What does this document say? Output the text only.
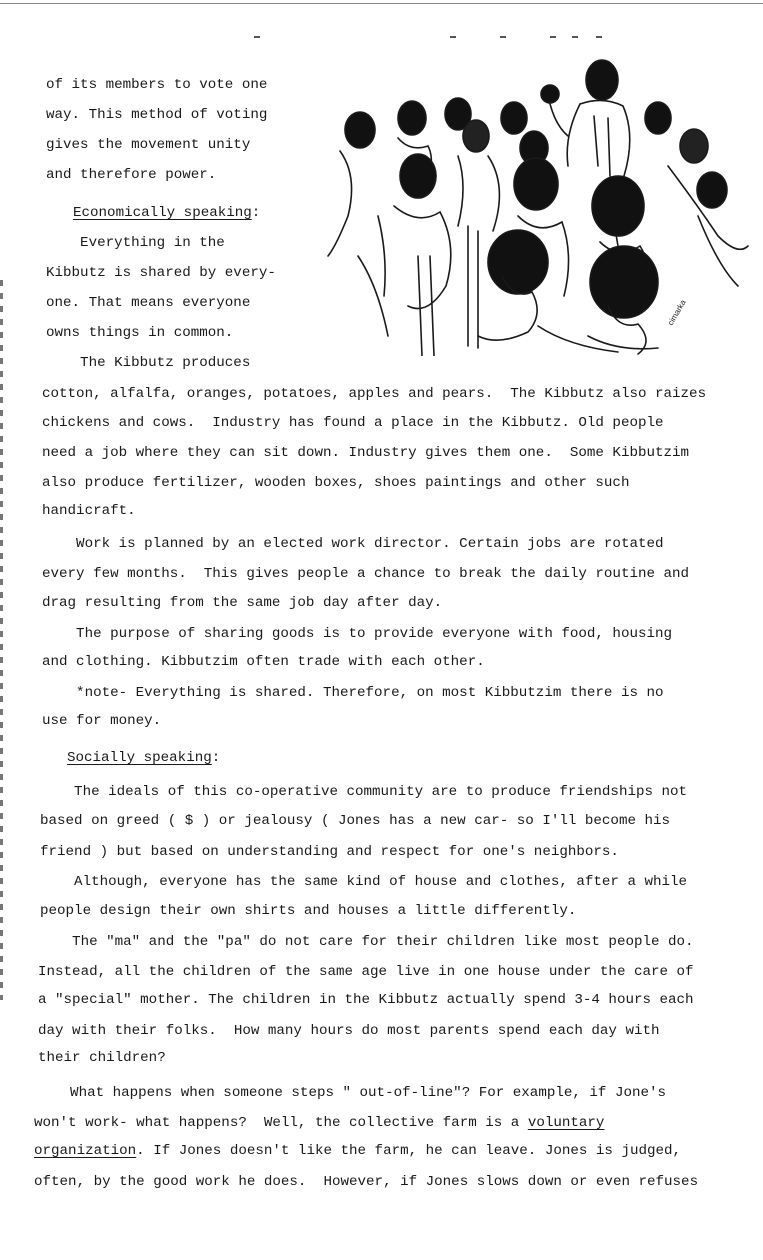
of its members to vote one
way. This method of voting
gives the movement unity
and therefore power.
Economically speaking:
Everything in the
Kibbutz is shared by every-
one. That means everyone
owns things in common.
The Kibbutz produces
cimarka
cotton, alfalfa, oranges, potatoes, apples and pears.  The Kibbutz also raizes
chickens and cows.  Industry has found a place in the Kibbutz. Old people
need a job where they can sit down. Industry gives them one.  Some Kibbutzim
also produce fertilizer, wooden boxes, shoes paintings and other such
handicraft.
Work is planned by an elected work director. Certain jobs are rotated
every few months.  This gives people a chance to break the daily routine and
drag resulting from the same job day after day.
The purpose of sharing goods is to provide everyone with food, housing
and clothing. Kibbutzim often trade with each other.
*note- Everything is shared. Therefore, on most Kibbutzim there is no
use for money.
Socially speaking:
The ideals of this co-operative community are to produce friendships not
based on greed ( $ ) or jealousy ( Jones has a new car- so I'll become his
friend ) but based on understanding and respect for one's neighbors.
Although, everyone has the same kind of house and clothes, after a while
people design their own shirts and houses a little differently.
The "ma" and the "pa" do not care for their children like most people do.
Instead, all the children of the same age live in one house under the care of
a "special" mother. The children in the Kibbutz actually spend 3-4 hours each
day with their folks.  How many hours do most parents spend each day with
their children?
What happens when someone steps " out-of-line"? For example, if Jone's
won't work- what happens?  Well, the collective farm is a voluntary
organization. If Jones doesn't like the farm, he can leave. Jones is judged,
often, by the good work he does.  However, if Jones slows down or even refuses
